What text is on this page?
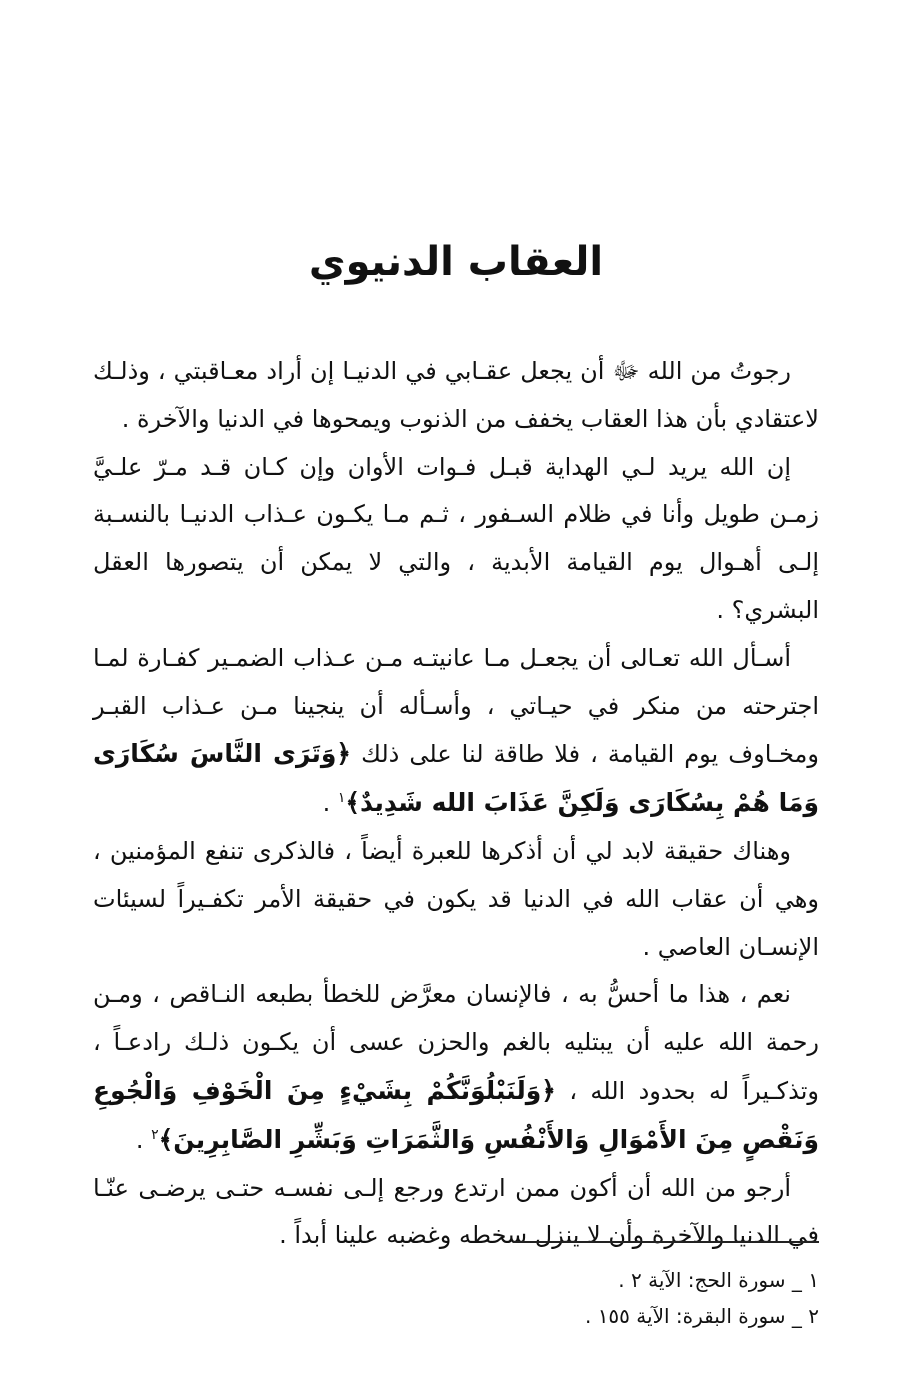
العقاب الدنيوي

رجوتُ من الله ﷻ أن يجعل عقـابي في الدنيـا إن أراد معـاقبتي ، وذلـك لاعتقادي بأن هذا العقاب يخفف من الذنوب ويمحوها في الدنيا والآخرة .

إن الله يريد لـي الهداية قبـل فـوات الأوان وإن كـان قـد مـرّ علـيَّ زمـن طويل وأنا في ظلام السـفور ، ثـم مـا يكـون عـذاب الدنيـا بالنسـبة إلـى أهـوال يوم القيامة الأبدية ، والتي لا يمكن أن يتصورها العقل البشري؟ .

أسـأل الله تعـالى أن يجعـل مـا عانيتـه مـن عـذاب الضمـير كفـارة لمـا اجترحته من منكر في حيـاتي ، وأسـأله أن ينجينا مـن عـذاب القبـر ومخـاوف يوم القيامة ، فلا طاقة لنا على ذلك ﴿وَتَرَى النَّاسَ سُكَارَى وَمَا هُمْ بِسُكَارَى وَلَكِنَّ عَذَابَ الله شَدِيدٌ﴾$^١$ .

وهناك حقيقة لابد لي أن أذكرها للعبرة أيضاً ، فالذكرى تنفع المؤمنين ، وهي أن عقاب الله في الدنيا قد يكون في حقيقة الأمر تكفـيراً لسيئات الإنسـان العاصي .

نعم ، هذا ما أحسُّ به ، فالإنسان معرَّض للخطأ بطبعه النـاقص ، ومـن رحمة الله عليه أن يبتليه بالغم والحزن عسى أن يكـون ذلـك رادعـاً ، وتذكـيراً له بحدود الله ، ﴿وَلَنَبْلُوَنَّكُمْ بِشَيْءٍ مِنَ الْخَوْفِ وَالْجُوعِ وَنَقْصٍ مِنَ الأَمْوَالِ وَالأَنْفُسِ وَالثَّمَرَاتِ وَبَشِّرِ الصَّابِرِينَ﴾$^٢$ .

أرجو من الله أن أكون ممن ارتدع ورجع إلـى نفسـه حتـى يرضـى عنّـا في الدنيا والآخرة وأن لا ينزل سخطه وغضبه علينا أبداً .

١ _ سورة الحج: الآية ٢ .

٢ _ سورة البقرة: الآية ١٥٥ .
